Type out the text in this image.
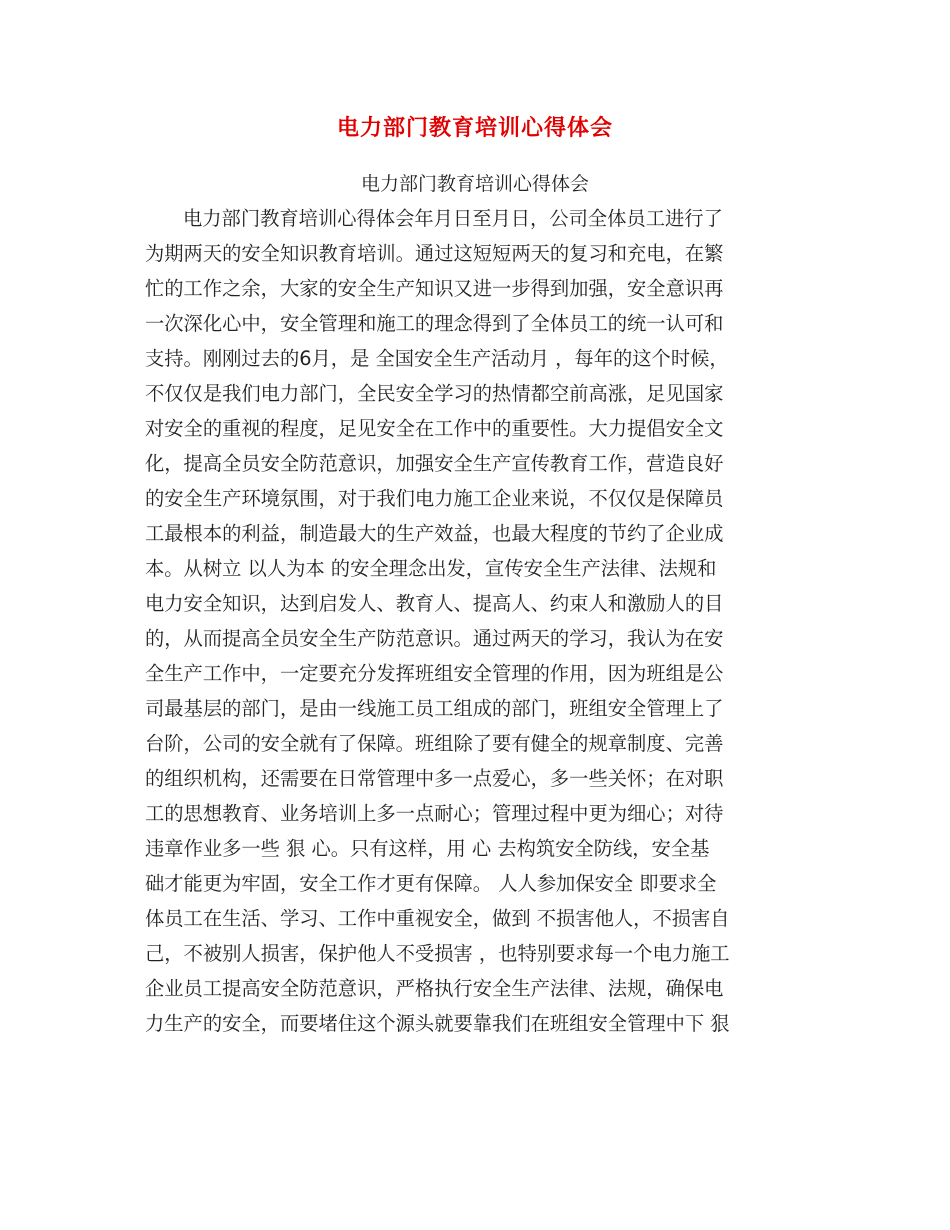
电力部门教育培训心得体会
电力部门教育培训心得体会
电力部门教育培训心得体会年月日至月日，公司全体员工进行了
为期两天的安全知识教育培训。通过这短短两天的复习和充电，在繁
忙的工作之余，大家的安全生产知识又进一步得到加强，安全意识再
一次深化心中，安全管理和施工的理念得到了全体员工的统一认可和
支持。刚刚过去的6月，是 全国安全生产活动月 ，每年的这个时候，
不仅仅是我们电力部门，全民安全学习的热情都空前高涨，足见国家
对安全的重视的程度，足见安全在工作中的重要性。大力提倡安全文
化，提高全员安全防范意识，加强安全生产宣传教育工作，营造良好
的安全生产环境氛围，对于我们电力施工企业来说，不仅仅是保障员
工最根本的利益，制造最大的生产效益，也最大程度的节约了企业成
本。从树立 以人为本 的安全理念出发，宣传安全生产法律、法规和
电力安全知识，达到启发人、教育人、提高人、约束人和激励人的目
的，从而提高全员安全生产防范意识。通过两天的学习，我认为在安
全生产工作中，一定要充分发挥班组安全管理的作用，因为班组是公
司最基层的部门，是由一线施工员工组成的部门，班组安全管理上了
台阶，公司的安全就有了保障。班组除了要有健全的规章制度、完善
的组织机构，还需要在日常管理中多一点爱心，多一些关怀；在对职
工的思想教育、业务培训上多一点耐心；管理过程中更为细心；对待
违章作业多一些 狠 心。只有这样，用 心 去构筑安全防线，安全基
础才能更为牢固，安全工作才更有保障。 人人参加保安全 即要求全
体员工在生活、学习、工作中重视安全，做到 不损害他人，不损害自
己，不被别人损害，保护他人不受损害 ，也特别要求每一个电力施工
企业员工提高安全防范意识，严格执行安全生产法律、法规，确保电
力生产的安全，而要堵住这个源头就要靠我们在班组安全管理中下 狠
